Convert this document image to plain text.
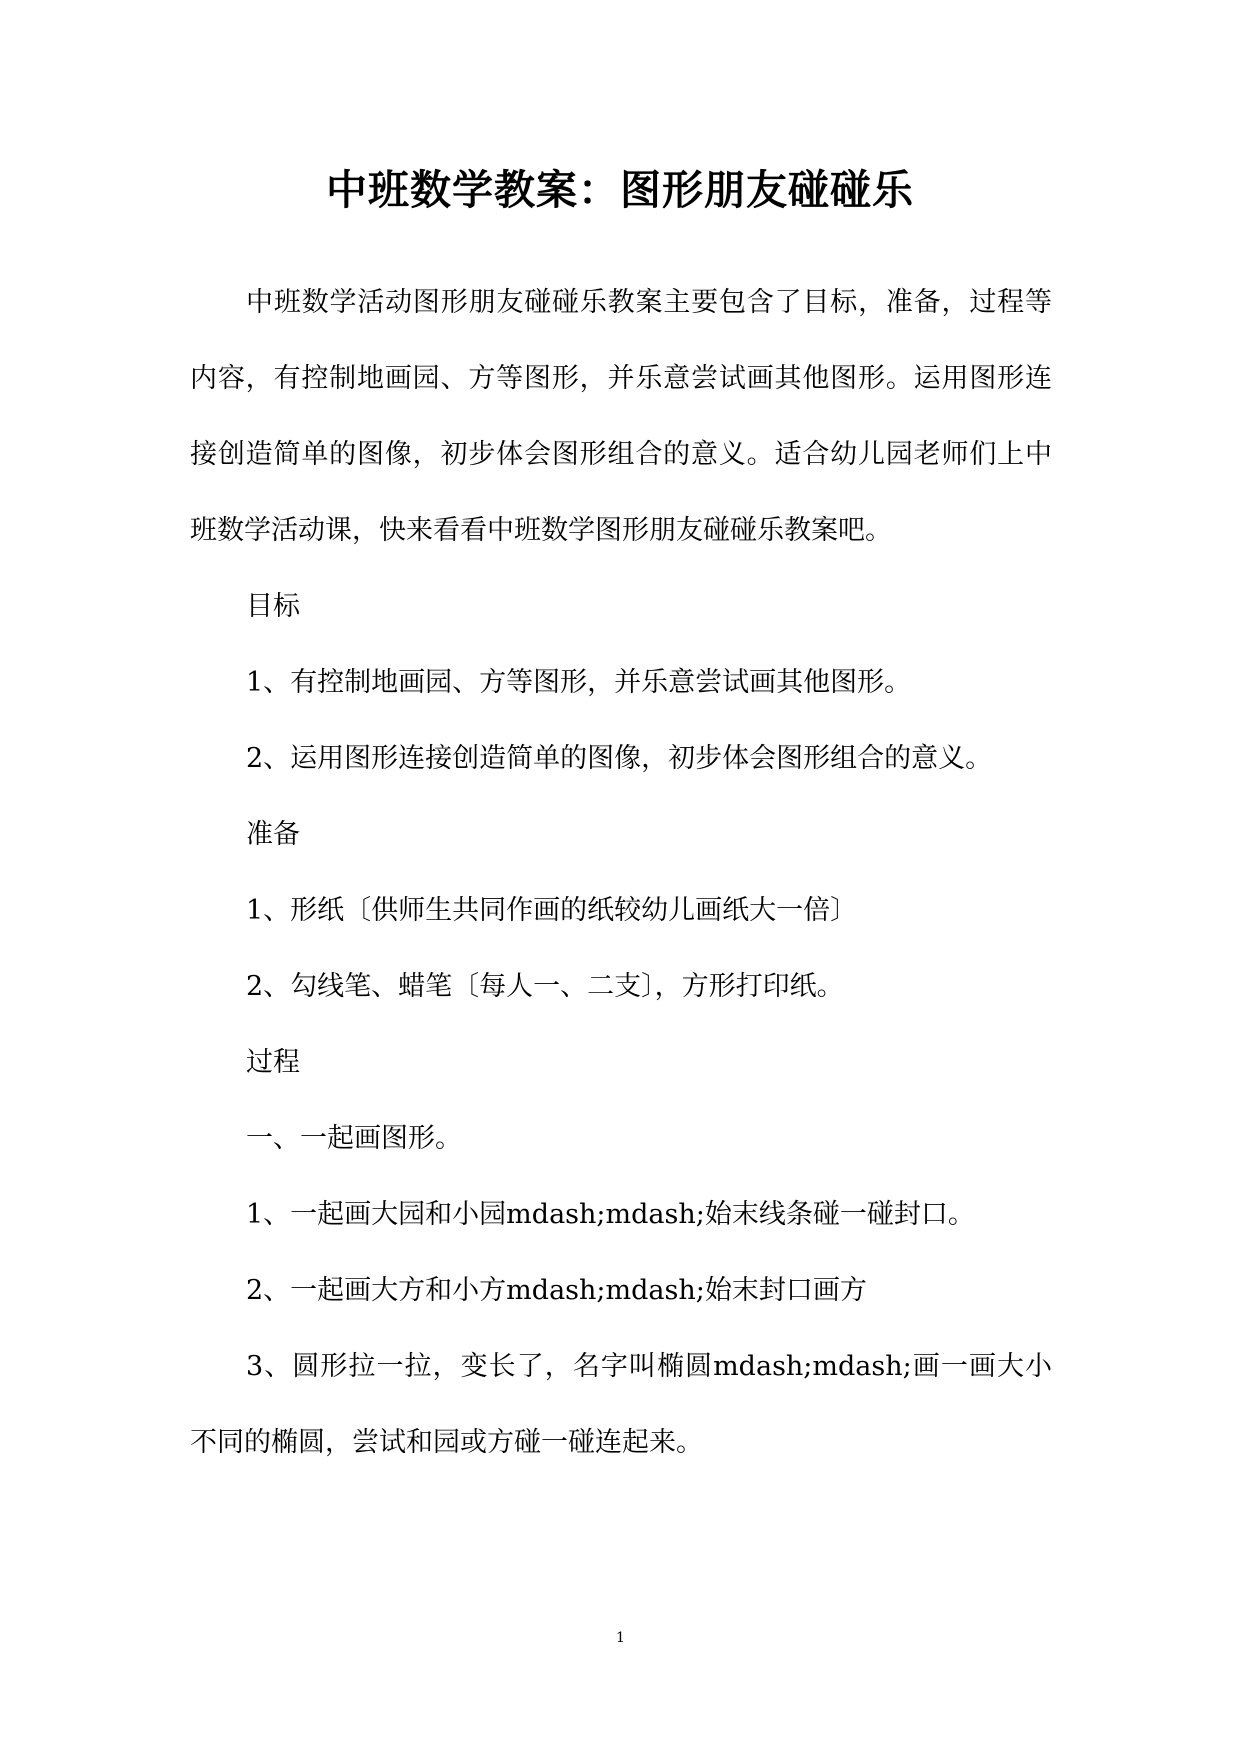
中班数学教案：图形朋友碰碰乐

中班数学活动图形朋友碰碰乐教案主要包含了目标，准备，过程等内容，有控制地画园、方等图形，并乐意尝试画其他图形。运用图形连接创造简单的图像，初步体会图形组合的意义。适合幼儿园老师们上中班数学活动课，快来看看中班数学图形朋友碰碰乐教案吧。

目标

1、有控制地画园、方等图形，并乐意尝试画其他图形。

2、运用图形连接创造简单的图像，初步体会图形组合的意义。

准备

1、形纸〔供师生共同作画的纸较幼儿画纸大一倍〕

2、勾线笔、蜡笔〔每人一、二支〕，方形打印纸。

过程

一、一起画图形。

1、一起画大园和小园mdash;mdash;始末线条碰一碰封口。

2、一起画大方和小方mdash;mdash;始末封口画方

3、圆形拉一拉，变长了，名字叫椭圆mdash;mdash;画一画大小不同的椭圆，尝试和园或方碰一碰连起来。

1
